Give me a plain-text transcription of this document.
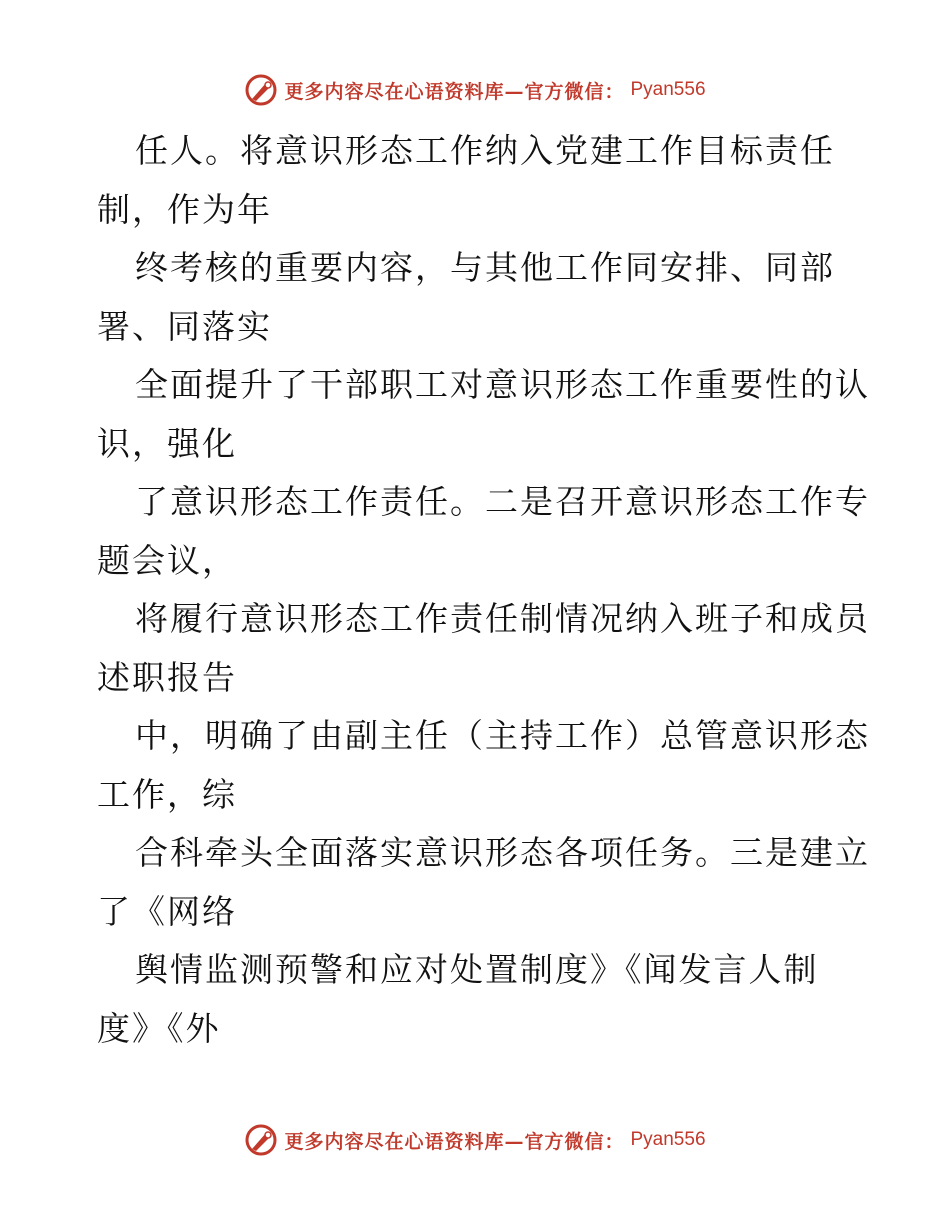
更多内容尽在心语资料库—官方微信： Pyan556
任人。将意识形态工作纳入党建工作目标责任
制，作为年
终考核的重要内容，与其他工作同安排、同部
署、同落实
全面提升了干部职工对意识形态工作重要性的认
识，强化
了意识形态工作责任。二是召开意识形态工作专
题会议，
将履行意识形态工作责任制情况纳入班子和成员
述职报告
中，明确了由副主任（主持工作）总管意识形态
工作，综
合科牵头全面落实意识形态各项任务。三是建立
了《网络
舆情监测预警和应对处置制度》《闻发言人制
度》《外
更多内容尽在心语资料库—官方微信： Pyan556
